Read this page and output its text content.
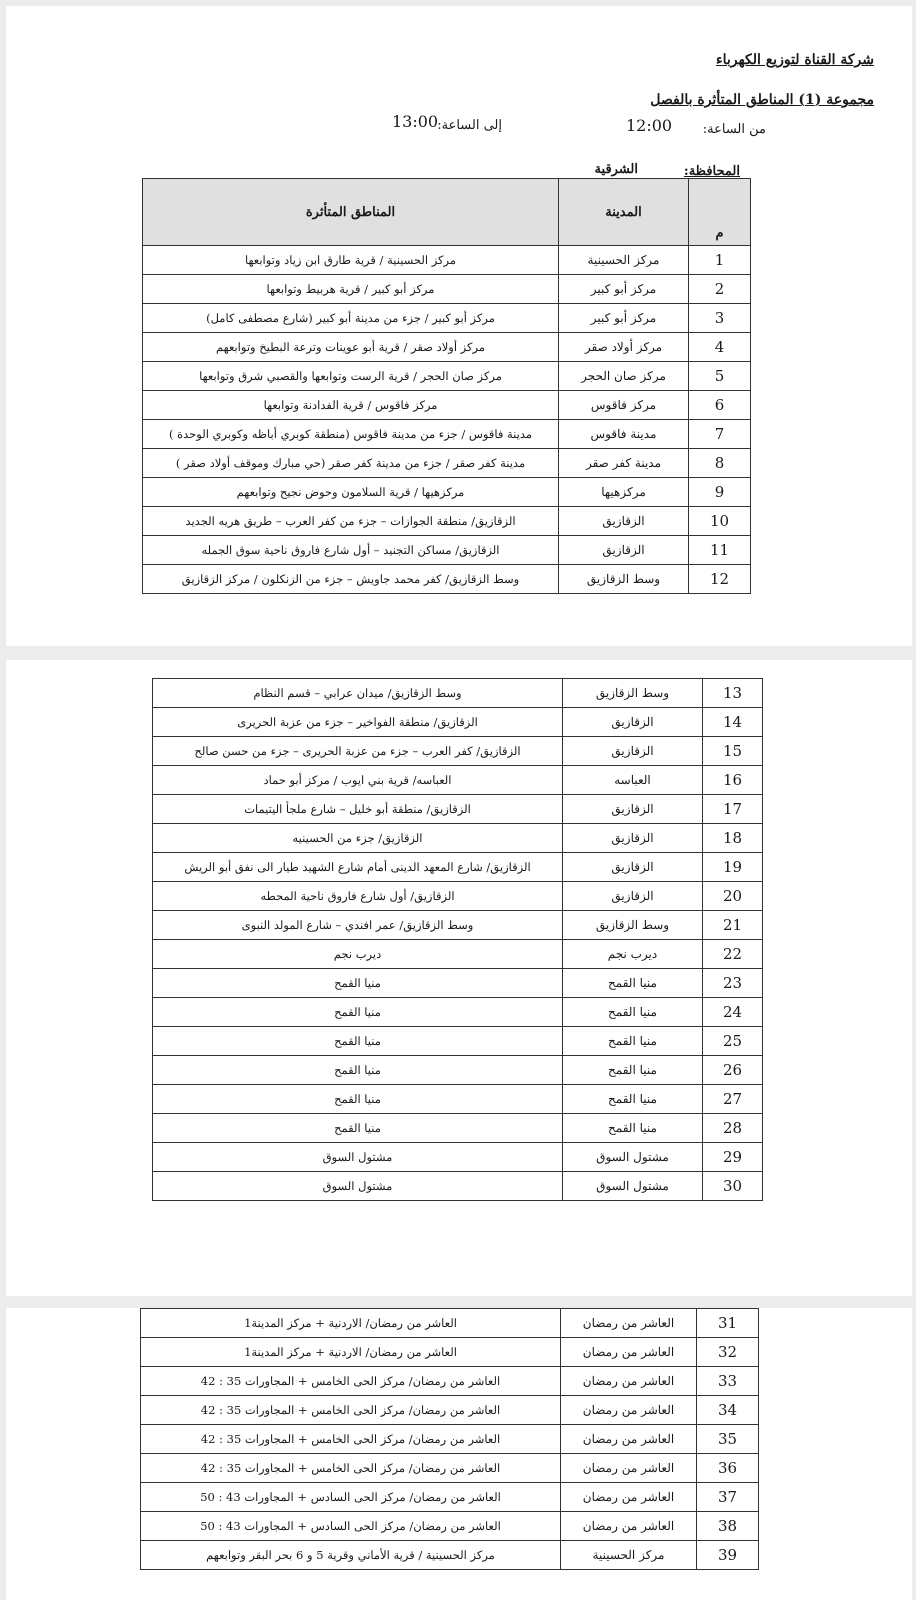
شركة القناة لتوزيع الكهرباء
مجموعة (1) المناطق المتأثرة بالفصل
من الساعة:
12:00
إلى الساعة:
13:00
المحافظة:
الشرقية
م	المدينة	المناطق المتأثرة
1	مركز الحسينية	مركز الحسينية / قرية طارق ابن زياد وتوابعها
2	مركز أبو كبير	مركز أبو كبير / قرية هربيط وتوابعها
3	مركز أبو كبير	مركز أبو كبير / جزء من مدينة أبو كبير (شارع مصطفى كامل)
4	مركز أولاد صقر	مركز أولاد صقر / قرية أبو عوينات وترعة البطيخ وتوابعهم
5	مركز صان الحجر	مركز صان الحجر / قرية الرست وتوابعها والقصبي شرق وتوابعها
6	مركز فاقوس	مركز فاقوس / قرية الفدادنة وتوابعها
7	مدينة فاقوس	مدينة فاقوس / جزء من مدينة فاقوس (منطقة كوبري أباظه وكوبري الوحدة )
8	مدينة كفر صقر	مدينة كفر صقر / جزء من مدينة كفر صقر (حي مبارك وموقف أولاد صقر )
9	مركزهيها	مركزهيها / قرية السلامون وحوض نجيح وتوابعهم
10	الزقازيق	الزقازيق/ منطقة الجوازات – جزء من كفر العرب – طريق هريه الجديد
11	الزقازيق	الزقازيق/ مساكن التجنيد – أول شارع فاروق ناحية سوق الجمله
12	وسط الزقازيق	وسط الزقازيق/ كفر محمد جاويش – جزء من الزنكلون / مركز الزقازيق
13	وسط الزقازيق	وسط الزقازيق/ ميدان عرابي – قسم النظام
14	الزقازيق	الزقازيق/ منطقة الفواخير – جزء من عزبة الحريرى
15	الزقازيق	الزقازيق/ كفر العرب – جزء من عزبة الحريرى – جزء من حسن صالح
16	العباسه	العباسه/ قرية بني ايوب / مركز أبو حماد
17	الزقازيق	الزقازيق/ منطقة أبو خليل – شارع ملجأ اليتيمات
18	الزقازيق	الزقازيق/ جزء من الحسينيه
19	الزقازيق	الزقازيق/ شارع المعهد الدينى أمام شارع الشهيد طيار الى نفق أبو الريش
20	الزقازيق	الزقازيق/ أول شارع فاروق ناحية المحطه
21	وسط الزقازيق	وسط الزقازيق/ عمر افندي – شارع المولد النبوى
22	ديرب نجم	ديرب نجم
23	منيا القمح	منيا القمح
24	منيا القمح	منيا القمح
25	منيا القمح	منيا القمح
26	منيا القمح	منيا القمح
27	منيا القمح	منيا القمح
28	منيا القمح	منيا القمح
29	مشتول السوق	مشتول السوق
30	مشتول السوق	مشتول السوق
31	العاشر من رمضان	العاشر من رمضان/ الاردنية + مركز المدينة1
32	العاشر من رمضان	العاشر من رمضان/ الاردنية + مركز المدينة1
33	العاشر من رمضان	العاشر من رمضان/ مركز الحى الخامس + المجاورات 35 : 42
34	العاشر من رمضان	العاشر من رمضان/ مركز الحى الخامس + المجاورات 35 : 42
35	العاشر من رمضان	العاشر من رمضان/ مركز الحى الخامس + المجاورات 35 : 42
36	العاشر من رمضان	العاشر من رمضان/ مركز الحى الخامس + المجاورات 35 : 42
37	العاشر من رمضان	العاشر من رمضان/ مركز الحى السادس + المجاورات 43 : 50
38	العاشر من رمضان	العاشر من رمضان/ مركز الحى السادس + المجاورات 43 : 50
39	مركز الحسينية	مركز الحسينية / قرية الأماني وقرية 5 و 6 بحر البقر وتوابعهم
